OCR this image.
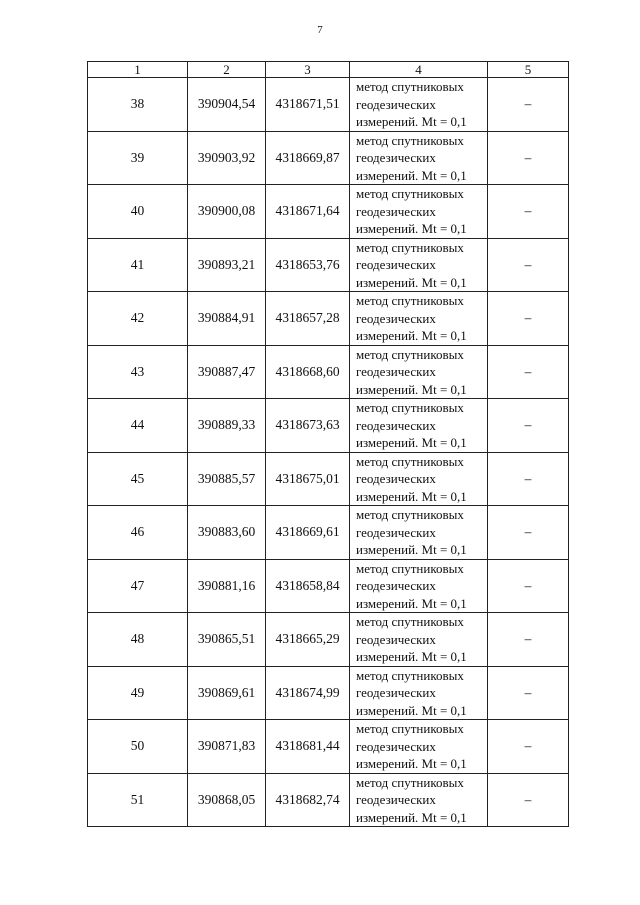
7
1	2	3	4	5
38	390904,54	4318671,51	метод спутниковых
геодезических
измерений. Mt = 0,1	–
39	390903,92	4318669,87	метод спутниковых
геодезических
измерений. Mt = 0,1	–
40	390900,08	4318671,64	метод спутниковых
геодезических
измерений. Mt = 0,1	–
41	390893,21	4318653,76	метод спутниковых
геодезических
измерений. Mt = 0,1	–
42	390884,91	4318657,28	метод спутниковых
геодезических
измерений. Mt = 0,1	–
43	390887,47	4318668,60	метод спутниковых
геодезических
измерений. Mt = 0,1	–
44	390889,33	4318673,63	метод спутниковых
геодезических
измерений. Mt = 0,1	–
45	390885,57	4318675,01	метод спутниковых
геодезических
измерений. Mt = 0,1	–
46	390883,60	4318669,61	метод спутниковых
геодезических
измерений. Mt = 0,1	–
47	390881,16	4318658,84	метод спутниковых
геодезических
измерений. Mt = 0,1	–
48	390865,51	4318665,29	метод спутниковых
геодезических
измерений. Mt = 0,1	–
49	390869,61	4318674,99	метод спутниковых
геодезических
измерений. Mt = 0,1	–
50	390871,83	4318681,44	метод спутниковых
геодезических
измерений. Mt = 0,1	–
51	390868,05	4318682,74	метод спутниковых
геодезических
измерений. Mt = 0,1	–
